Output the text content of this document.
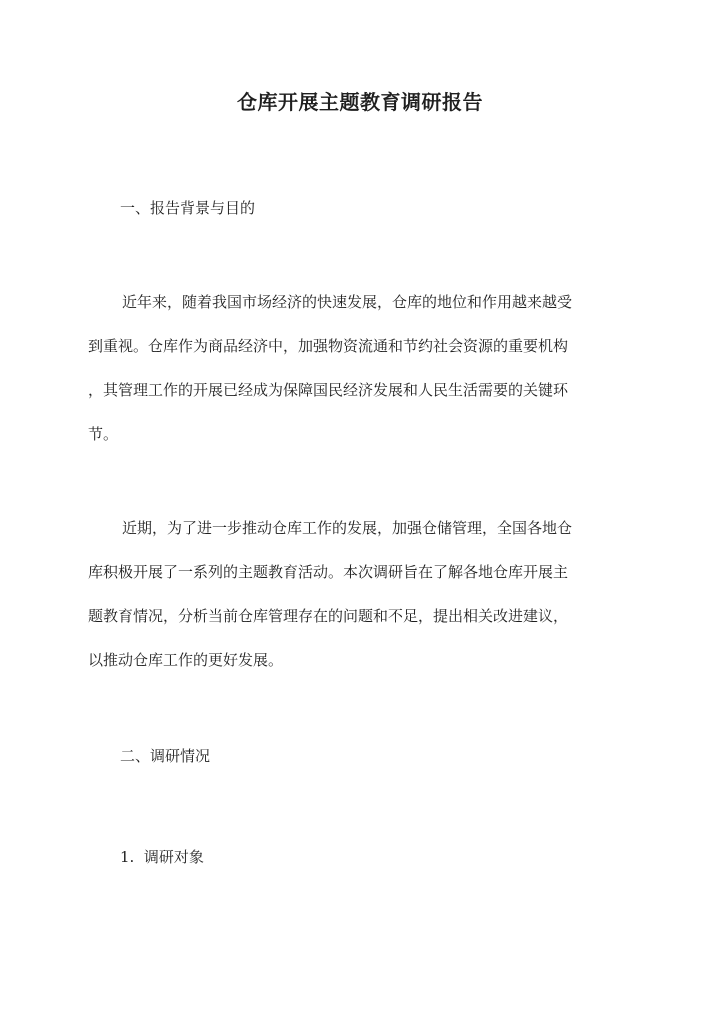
仓库开展主题教育调研报告
一、报告背景与目的
近年来，随着我国市场经济的快速发展，仓库的地位和作用越来越受
到重视。仓库作为商品经济中，加强物资流通和节约社会资源的重要机构
，其管理工作的开展已经成为保障国民经济发展和人民生活需要的关键环
节。
近期，为了进一步推动仓库工作的发展，加强仓储管理，全国各地仓
库积极开展了一系列的主题教育活动。本次调研旨在了解各地仓库开展主
题教育情况，分析当前仓库管理存在的问题和不足，提出相关改进建议，
以推动仓库工作的更好发展。
二、调研情况
1.  调研对象
